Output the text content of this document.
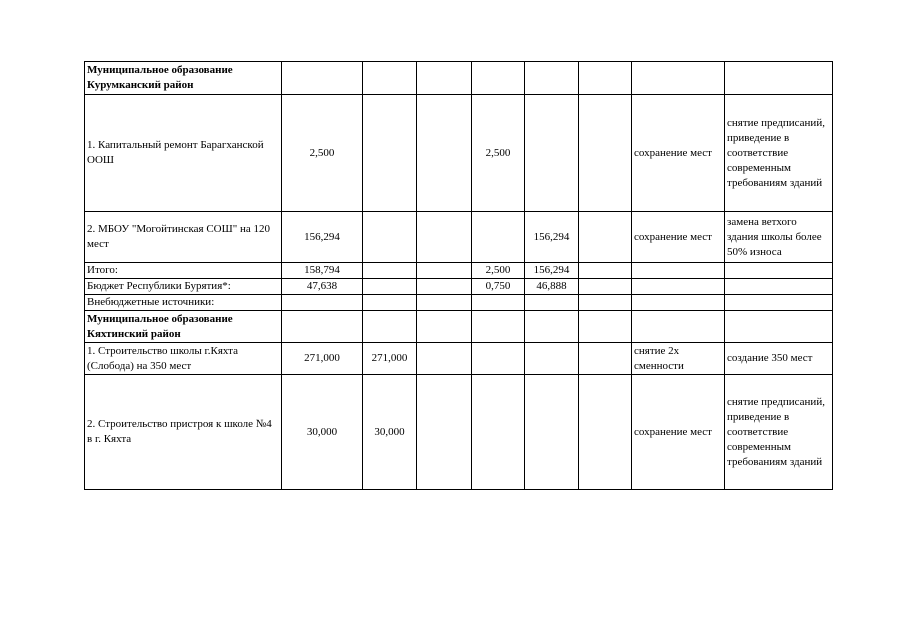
Муниципальное образование Курумканский район								
1. Капитальный ремонт Барагханской ООШ	2,500			2,500			сохранение мест	снятие предписаний, приведение в соответствие современным требованиям зданий
2. МБОУ "Могойтинская СОШ" на 120 мест	156,294				156,294		сохранение мест	замена ветхого здания школы более 50% износа
Итого:	158,794			2,500	156,294			
Бюджет Республики Бурятия*:	47,638			0,750	46,888			
Внебюджетные источники:								
Муниципальное образование Кяхтинский район								
1. Строительство школы г.Кяхта (Слобода) на 350 мест	271,000	271,000					снятие 2х сменности	создание 350 мест
2. Строительство пристроя к школе №4 в г. Кяхта	30,000	30,000					сохранение мест	снятие предписаний, приведение в соответствие современным требованиям зданий
